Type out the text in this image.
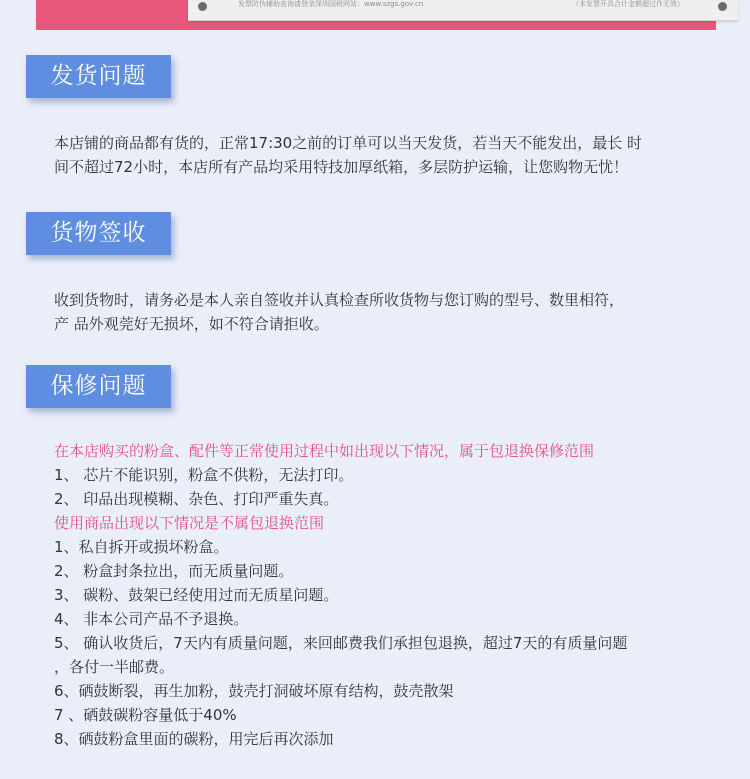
发票防伪辅助查询请登录深圳国税网站：www.szgs.gov.cn	（本发票开具合计金额超过作无效）
发货问题
本店铺的商品都有货的，正常17:30之前的订单可以当天发货，若当天不能发出，最长 时
间不超过72小时，本店所有产品均采用特技加厚纸箱，多层防护运输，让您购物无忧！
货物签收
收到货物时，请务必是本人亲自签收并认真检查所收货物与您订购的型号、数里相符，
产 品外观莞好无损坏，如不符合请拒收。
保修问题
在本店购买的粉盒、配件等正常使用过程中如出现以下情况，属于包退换保修范围
1、 芯片不能识别，粉盒不供粉，无法打印。
2、 印品出现模糊、杂色、打印严重失真。
使用商品出现以下情况是不属包退换范围
1、私自拆开或损坏粉盒。
2、 粉盒封条拉出，而无质量问题。
3、 碳粉、鼓架已经使用过而无质星问题。
4、 非本公司产品不予退换。
5、 确认收货后，7天内有质量问题，来回邮费我们承担包退换，超过7天的有质量问题
，各付一半邮费。
6、硒鼓断裂，再生加粉，鼓壳打洞破坏原有结构，鼓壳散架
7 、硒鼓碳粉容量低于40%
8、硒鼓粉盒里面的碳粉，用完后再次添加
